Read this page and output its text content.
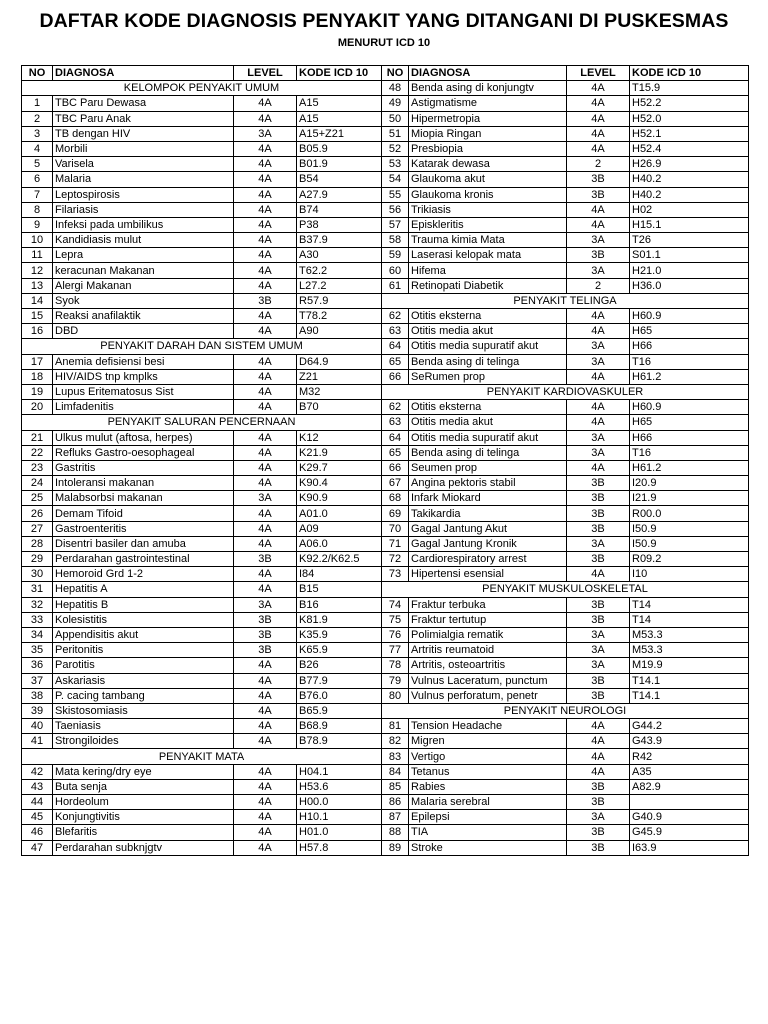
DAFTAR KODE DIAGNOSIS PENYAKIT YANG DITANGANI DI PUSKESMAS
MENURUT ICD 10
NO	DIAGNOSA	LEVEL	KODE ICD 10	NO	DIAGNOSA	LEVEL	KODE ICD 10
KELOMPOK PENYAKIT UMUM				48	Benda asing di konjungtv	4A	T15.9
1	TBC Paru Dewasa	4A	A15	49	Astigmatisme	4A	H52.2
2	TBC Paru Anak	4A	A15	50	Hipermetropia	4A	H52.0
3	TB dengan HIV	3A	A15+Z21	51	Miopia Ringan	4A	H52.1
4	Morbili	4A	B05.9	52	Presbiopia	4A	H52.4
5	Varisela	4A	B01.9	53	Katarak dewasa	2	H26.9
6	Malaria	4A	B54	54	Glaukoma akut	3B	H40.2
7	Leptospirosis	4A	A27.9	55	Glaukoma kronis	3B	H40.2
8	Filariasis	4A	B74	56	Trikiasis	4A	H02
9	Infeksi pada umbilikus	4A	P38	57	Episkleritis	4A	H15.1
10	Kandidiasis mulut	4A	B37.9	58	Trauma kimia Mata	3A	T26
11	Lepra	4A	A30	59	Laserasi kelopak mata	3B	S01.1
12	keracunan Makanan	4A	T62.2	60	Hifema	3A	H21.0
13	Alergi Makanan	4A	L27.2	61	Retinopati Diabetik	2	H36.0
14	Syok	3B	R57.9	PENYAKIT TELINGA			
15	Reaksi anafilaktik	4A	T78.2	62	Otitis eksterna	4A	H60.9
16	DBD	4A	A90	63	Otitis media akut	4A	H65
PENYAKIT DARAH DAN SISTEM UMUM				64	Otitis media supuratif akut	3A	H66
17	Anemia defisiensi besi	4A	D64.9	65	Benda asing di telinga	3A	T16
18	HIV/AIDS tnp kmplks	4A	Z21	66	SeRumen prop	4A	H61.2
19	Lupus Eritematosus Sist	4A	M32	PENYAKIT KARDIOVASKULER			
20	Limfadenitis	4A	B70	62	Otitis eksterna	4A	H60.9
PENYAKIT SALURAN PENCERNAAN				63	Otitis media akut	4A	H65
21	Ulkus mulut (aftosa, herpes)	4A	K12	64	Otitis media supuratif akut	3A	H66
22	Refluks Gastro-oesophageal	4A	K21.9	65	Benda asing di telinga	3A	T16
23	Gastritis	4A	K29.7	66	Seumen prop	4A	H61.2
24	Intoleransi makanan	4A	K90.4	67	Angina pektoris stabil	3B	I20.9
25	Malabsorbsi makanan	3A	K90.9	68	Infark Miokard	3B	I21.9
26	Demam Tifoid	4A	A01.0	69	Takikardia	3B	R00.0
27	Gastroenteritis	4A	A09	70	Gagal Jantung Akut	3B	I50.9
28	Disentri basiler dan amuba	4A	A06.0	71	Gagal Jantung Kronik	3A	I50.9
29	Perdarahan gastrointestinal	3B	K92.2/K62.5	72	Cardiorespiratory arrest	3B	R09.2
30	Hemoroid Grd 1-2	4A	I84	73	Hipertensi esensial	4A	I10
31	Hepatitis A	4A	B15	PENYAKIT MUSKULOSKELETAL			
32	Hepatitis B	3A	B16	74	Fraktur terbuka	3B	T14
33	Kolesistitis	3B	K81.9	75	Fraktur tertutup	3B	T14
34	Appendisitis akut	3B	K35.9	76	Polimialgia rematik	3A	M53.3
35	Peritonitis	3B	K65.9	77	Artritis reumatoid	3A	M53.3
36	Parotitis	4A	B26	78	Artritis, osteoartritis	3A	M19.9
37	Askariasis	4A	B77.9	79	Vulnus Laceratum, punctum	3B	T14.1
38	P. cacing tambang	4A	B76.0	80	Vulnus perforatum, penetr	3B	T14.1
39	Skistosomiasis	4A	B65.9	PENYAKIT NEUROLOGI			
40	Taeniasis	4A	B68.9	81	Tension Headache	4A	G44.2
41	Strongiloides	4A	B78.9	82	Migren	4A	G43.9
PENYAKIT MATA				83	Vertigo	4A	R42
42	Mata kering/dry eye	4A	H04.1	84	Tetanus	4A	A35
43	Buta senja	4A	H53.6	85	Rabies	3B	A82.9
44	Hordeolum	4A	H00.0	86	Malaria serebral	3B	
45	Konjungtivitis	4A	H10.1	87	Epilepsi	3A	G40.9
46	Blefaritis	4A	H01.0	88	TIA	3B	G45.9
47	Perdarahan subknjgtv	4A	H57.8	89	Stroke	3B	I63.9
